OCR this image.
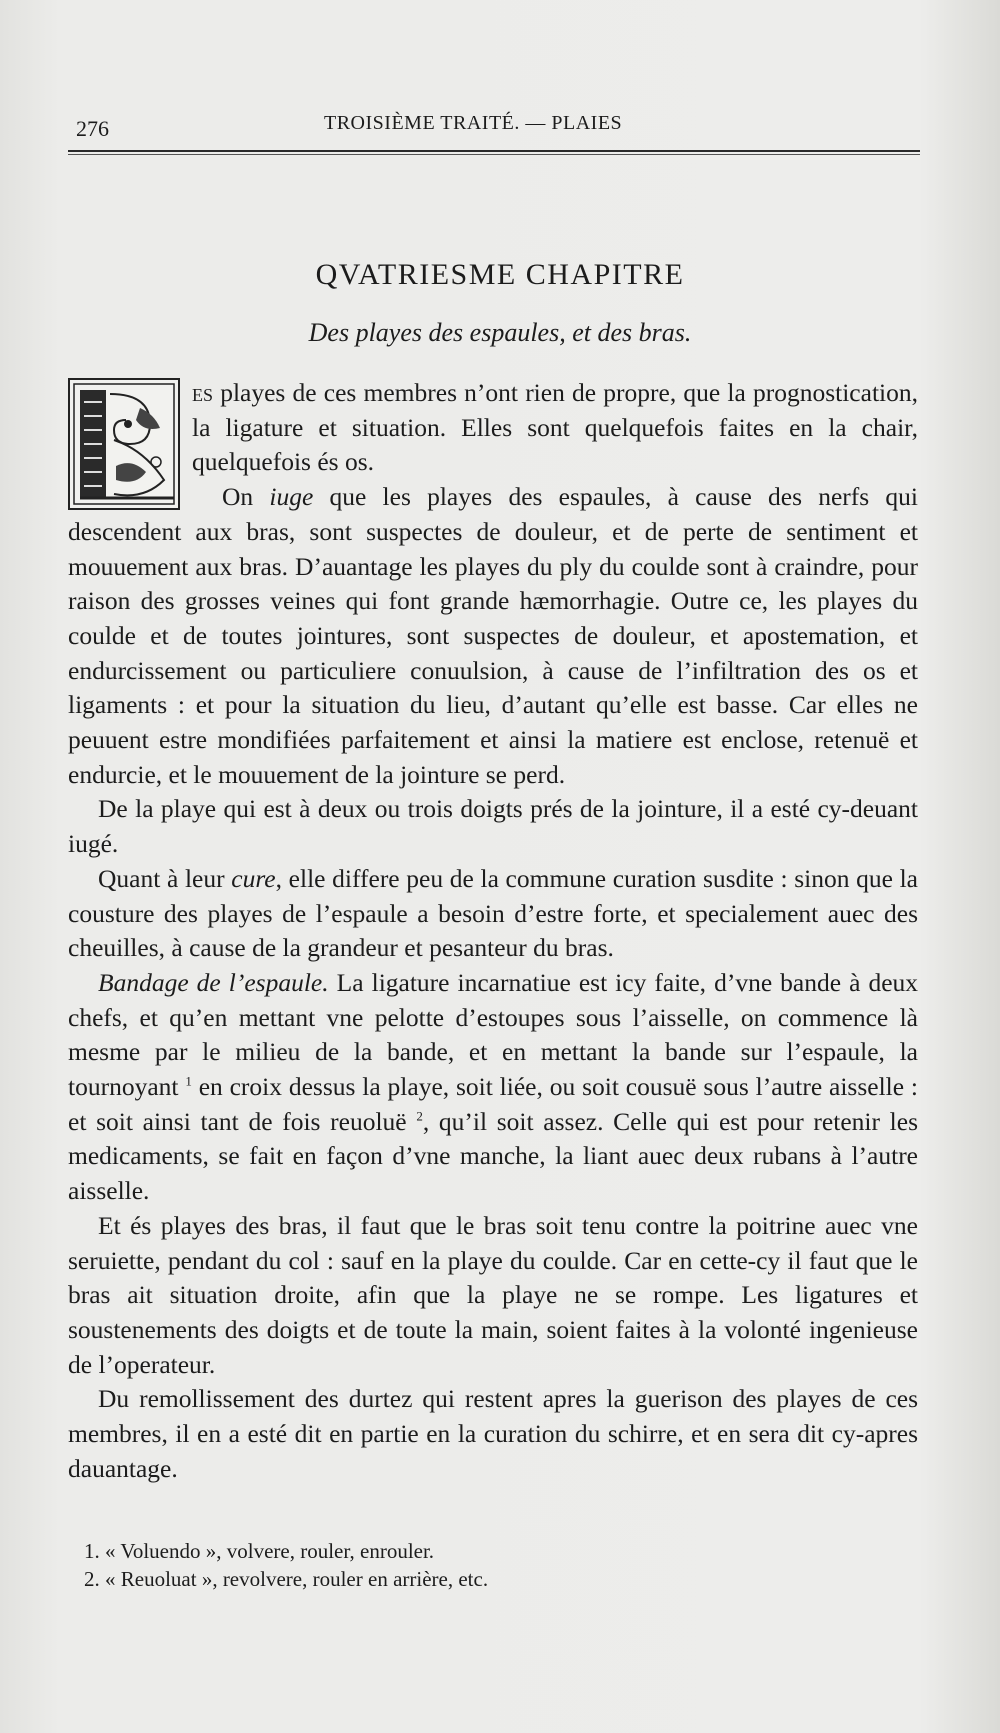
276	TROISIÈME TRAITÉ. — PLAIES
QVATRIESME CHAPITRE
Des playes des espaules, et des bras.

es playes de ces membres n’ont rien de propre, que la prognostication, la ligature et situation. Elles sont quelquefois faites en la chair, quelquefois és os.

On iuge que les playes des espaules, à cause des nerfs qui descendent aux bras, sont suspectes de douleur, et de perte de sentiment et mouuement aux bras. D’auantage les playes du ply du coulde sont à craindre, pour raison des grosses veines qui font grande hæmorrhagie. Outre ce, les playes du coulde et de toutes jointures, sont suspectes de douleur, et apostemation, et endurcissement ou particuliere conuulsion, à cause de l’infiltration des os et ligaments : et pour la situation du lieu, d’autant qu’elle est basse. Car elles ne peuuent estre mondifiées parfaitement et ainsi la matiere est enclose, retenuë et endurcie, et le mouuement de la jointure se perd.

De la playe qui est à deux ou trois doigts prés de la jointure, il a esté cy-deuant iugé.

Quant à leur cure, elle differe peu de la commune curation susdite : sinon que la cousture des playes de l’espaule a besoin d’estre forte, et specialement auec des cheuilles, à cause de la grandeur et pesanteur du bras.

Bandage de l’espaule. La ligature incarnatiue est icy faite, d’vne bande à deux chefs, et qu’en mettant vne pelotte d’estoupes sous l’aisselle, on commence là mesme par le milieu de la bande, et en mettant la bande sur l’espaule, la tournoyant $^1$ en croix dessus la playe, soit liée, ou soit cousuë sous l’autre aisselle : et soit ainsi tant de fois reuoluë $^2$, qu’il soit assez. Celle qui est pour retenir les medicaments, se fait en façon d’vne manche, la liant auec deux rubans à l’autre aisselle.

Et és playes des bras, il faut que le bras soit tenu contre la poitrine auec vne seruiette, pendant du col : sauf en la playe du coulde. Car en cette-cy il faut que le bras ait situation droite, afin que la playe ne se rompe. Les ligatures et soustenements des doigts et de toute la main, soient faites à la volonté ingenieuse de l’operateur.

Du remollissement des durtez qui restent apres la guerison des playes de ces membres, il en a esté dit en partie en la curation du schirre, et en sera dit cy-apres dauantage.

1. « Voluendo », volvere, rouler, enrouler.
2. « Reuoluat », revolvere, rouler en arrière, etc.
